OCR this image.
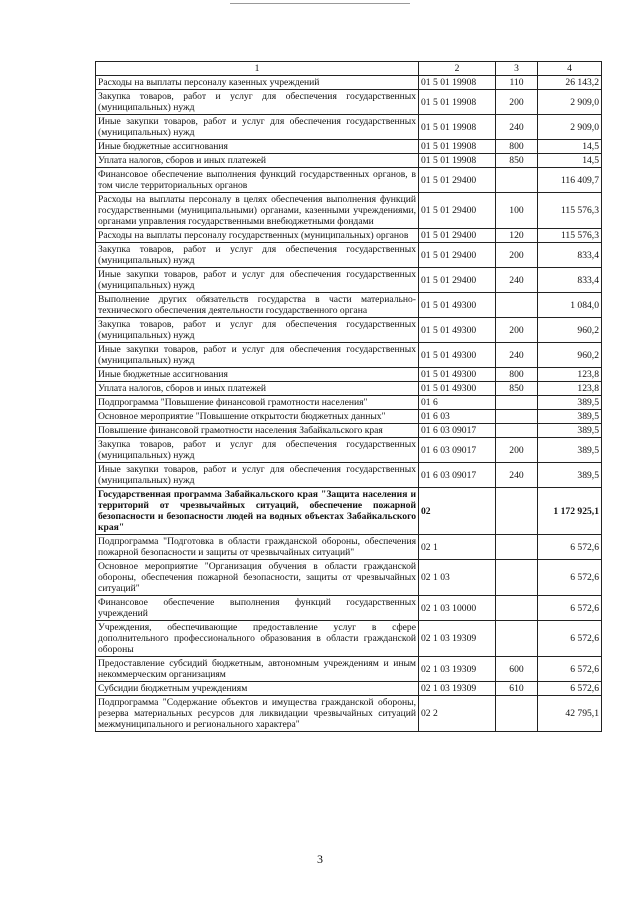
1	2	3	4
Расходы на выплаты персоналу казенных учреждений	01 5 01 19908	110	26 143,2
Закупка товаров, работ и услуг для обеспечения государственных (муниципальных) нужд	01 5 01 19908	200	2 909,0
Иные закупки товаров, работ и услуг для обеспечения государственных (муниципальных) нужд	01 5 01 19908	240	2 909,0
Иные бюджетные ассигнования	01 5 01 19908	800	14,5
Уплата налогов, сборов и иных платежей	01 5 01 19908	850	14,5
Финансовое обеспечение выполнения функций государственных органов, в том числе территориальных органов	01 5 01 29400		116 409,7
Расходы на выплаты персоналу в целях обеспечения выполнения функций государственными (муниципальными) органами, казенными учреждениями, органами управления государственными внебюджетными фондами	01 5 01 29400	100	115 576,3
Расходы на выплаты персоналу государственных (муниципальных) органов	01 5 01 29400	120	115 576,3
Закупка товаров, работ и услуг для обеспечения государственных (муниципальных) нужд	01 5 01 29400	200	833,4
Иные закупки товаров, работ и услуг для обеспечения государственных (муниципальных) нужд	01 5 01 29400	240	833,4
Выполнение других обязательств государства в части материально-технического обеспечения деятельности государственного органа	01 5 01 49300		1 084,0
Закупка товаров, работ и услуг для обеспечения государственных (муниципальных) нужд	01 5 01 49300	200	960,2
Иные закупки товаров, работ и услуг для обеспечения государственных (муниципальных) нужд	01 5 01 49300	240	960,2
Иные бюджетные ассигнования	01 5 01 49300	800	123,8
Уплата налогов, сборов и иных платежей	01 5 01 49300	850	123,8
Подпрограмма "Повышение финансовой грамотности населения"	01 6		389,5
Основное мероприятие "Повышение открытости бюджетных данных"	01 6 03		389,5
Повышение финансовой грамотности населения Забайкальского края	01 6 03 09017		389,5
Закупка товаров, работ и услуг для обеспечения государственных (муниципальных) нужд	01 6 03 09017	200	389,5
Иные закупки товаров, работ и услуг для обеспечения государственных (муниципальных) нужд	01 6 03 09017	240	389,5
Государственная программа Забайкальского края "Защита населения и территорий от чрезвычайных ситуаций, обеспечение пожарной безопасности и безопасности людей на водных объектах Забайкальского края"	02		1 172 925,1
Подпрограмма "Подготовка в области гражданской обороны, обеспечения пожарной безопасности и защиты от чрезвычайных ситуаций"	02 1		6 572,6
Основное мероприятие "Организация обучения в области гражданской обороны, обеспечения пожарной безопасности, защиты от чрезвычайных ситуаций"	02 1 03		6 572,6
Финансовое обеспечение выполнения функций государственных учреждений	02 1 03 10000		6 572,6
Учреждения, обеспечивающие предоставление услуг в сфере дополнительного профессионального образования в области гражданской обороны	02 1 03 19309		6 572,6
Предоставление субсидий бюджетным, автономным учреждениям и иным некоммерческим организациям	02 1 03 19309	600	6 572,6
Субсидии бюджетным учреждениям	02 1 03 19309	610	6 572,6
Подпрограмма "Содержание объектов и имущества гражданской обороны, резерва материальных ресурсов для ликвидации чрезвычайных ситуаций межмуниципального и регионального характера"	02 2		42 795,1
3
